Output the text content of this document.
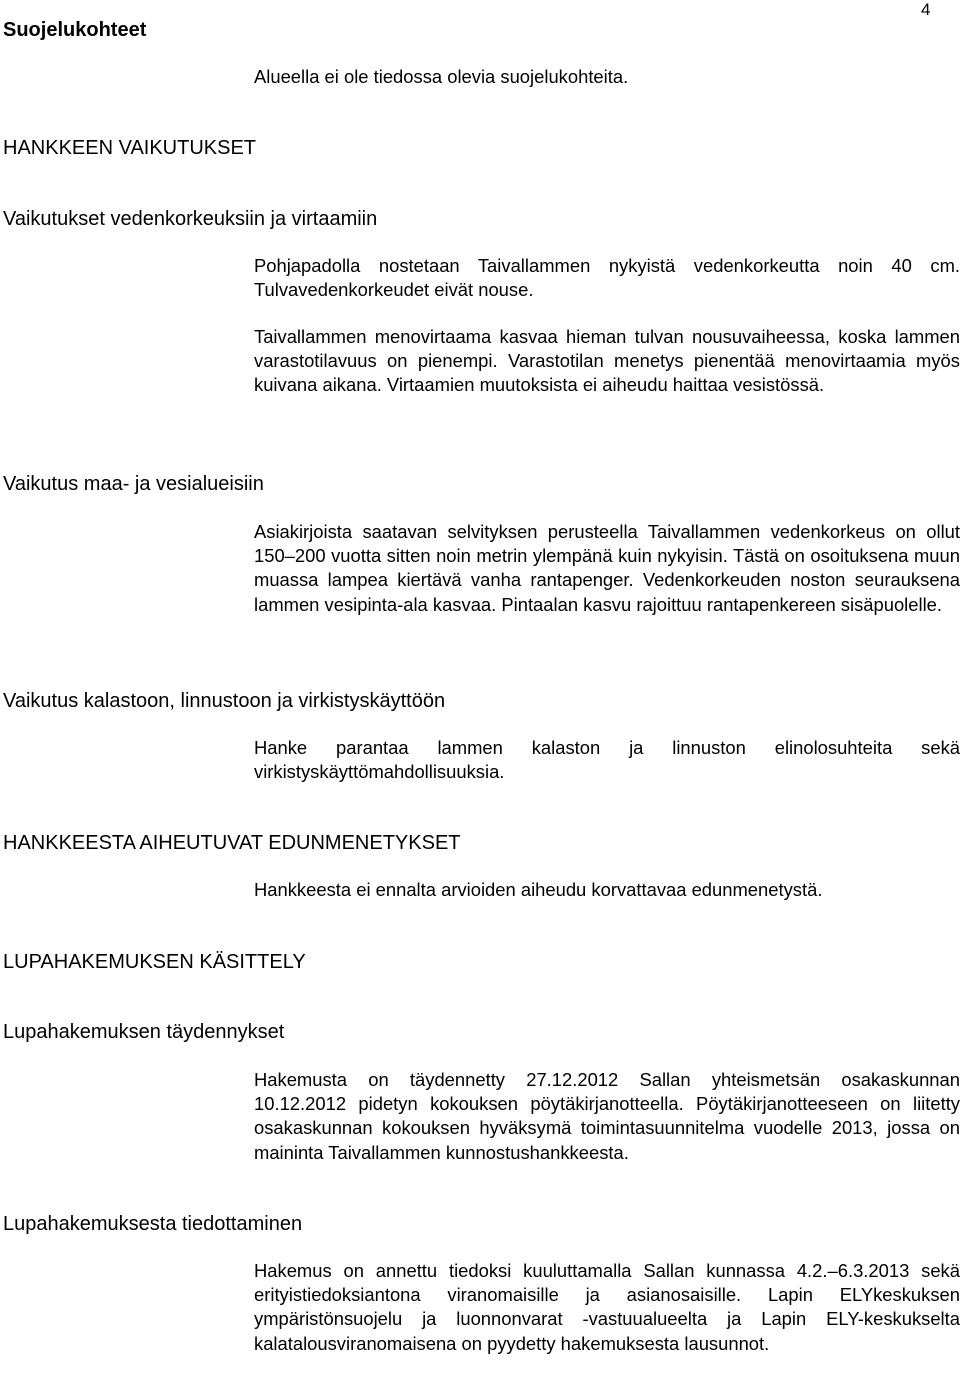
4
Suojelukohteet

Alueella ei ole tiedossa olevia suojelukohteita.

HANKKEEN VAIKUTUKSET
Vaikutukset vedenkorkeuksiin ja virtaamiin

Pohjapadolla nostetaan Taivallammen nykyistä vedenkorkeutta noin 40 cm. Tulvavedenkorkeudet eivät nouse.

Taivallammen menovirtaama kasvaa hieman tulvan nousuvaiheessa, koska lammen varastotilavuus on pienempi. Varastotilan menetys pienentää menovirtaamia myös kuivana aikana. Virtaamien muutoksista ei aiheudu haittaa vesistössä.

Vaikutus maa- ja vesialueisiin

Asiakirjoista saatavan selvityksen perusteella Taivallammen vedenkorkeus on ollut 150–200 vuotta sitten noin metrin ylempänä kuin nykyisin. Tästä on osoituksena muun muassa lampea kiertävä vanha rantapenger. Vedenkorkeuden noston seurauksena lammen vesipinta-ala kasvaa. Pintaalan kasvu rajoittuu rantapenkereen sisäpuolelle.

Vaikutus kalastoon, linnustoon ja virkistyskäyttöön

Hanke parantaa lammen kalaston ja linnuston elinolosuhteita sekä virkistyskäyttömahdollisuuksia.

HANKKEESTA AIHEUTUVAT EDUNMENETYKSET

Hankkeesta ei ennalta arvioiden aiheudu korvattavaa edunmenetystä.

LUPAHAKEMUKSEN KÄSITTELY
Lupahakemuksen täydennykset

Hakemusta on täydennetty 27.12.2012 Sallan yhteismetsän osakaskunnan 10.12.2012 pidetyn kokouksen pöytäkirjanotteella. Pöytäkirjanotteeseen on liitetty osakaskunnan kokouksen hyväksymä toimintasuunnitelma vuodelle 2013, jossa on maininta Taivallammen kunnostushankkeesta.

Lupahakemuksesta tiedottaminen

Hakemus on annettu tiedoksi kuuluttamalla Sallan kunnassa 4.2.–6.3.2013 sekä erityistiedoksiantona viranomaisille ja asianosaisille. Lapin ELYkeskuksen ympäristönsuojelu ja luonnonvarat -vastuualueelta ja Lapin ELY-keskukselta kalatalousviranomaisena on pyydetty hakemuksesta lausunnot.
